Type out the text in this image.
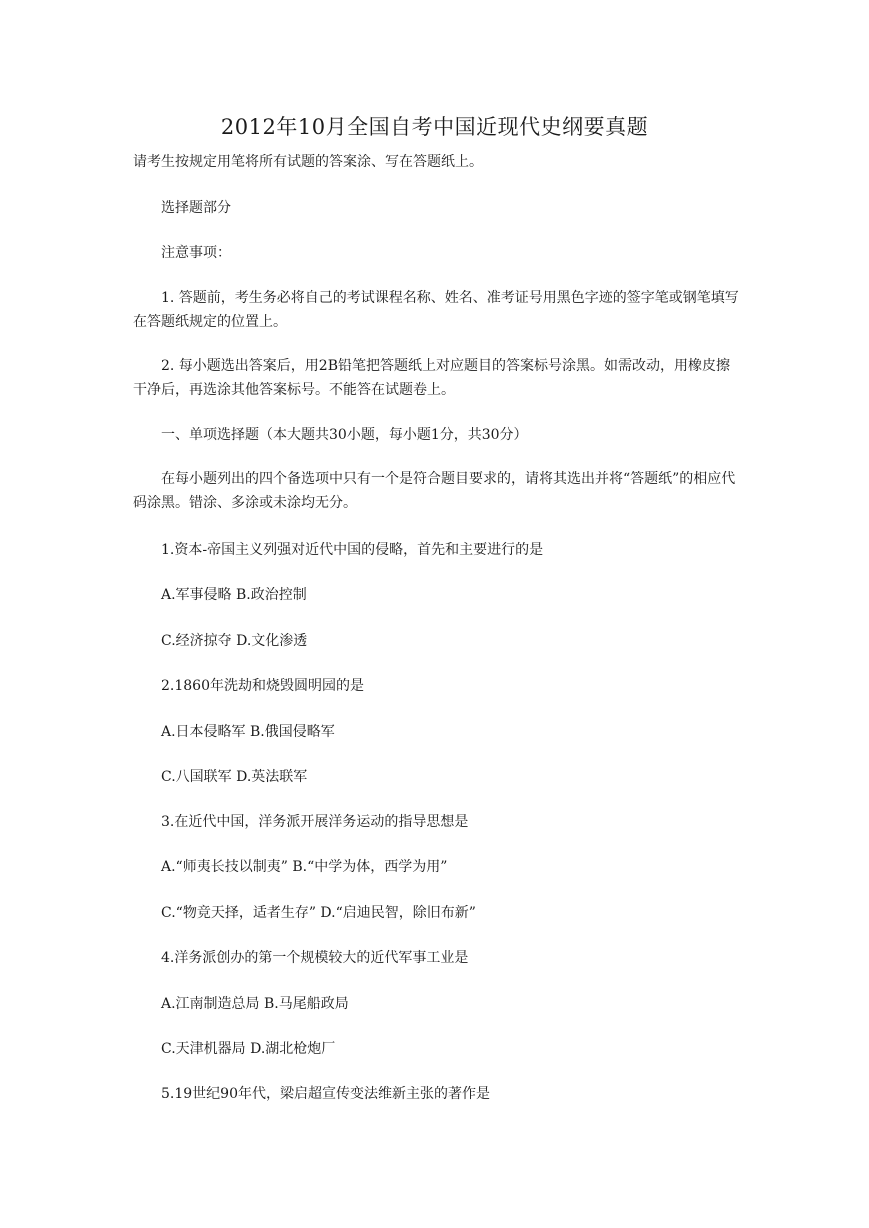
2012年10月全国自考中国近现代史纲要真题

请考生按规定用笔将所有试题的答案涂、写在答题纸上。

选择题部分

注意事项：

1. 答题前，考生务必将自己的考试课程名称、姓名、准考证号用黑色字迹的签字笔或钢笔填写在答题纸规定的位置上。

2. 每小题选出答案后，用2B铅笔把答题纸上对应题目的答案标号涂黑。如需改动，用橡皮擦干净后，再选涂其他答案标号。不能答在试题卷上。

一、单项选择题（本大题共30小题，每小题1分，共30分）

在每小题列出的四个备选项中只有一个是符合题目要求的，请将其选出并将“答题纸”的相应代码涂黑。错涂、多涂或未涂均无分。

1.资本-帝国主义列强对近代中国的侵略，首先和主要进行的是

A.军事侵略 B.政治控制

C.经济掠夺 D.文化渗透

2.1860年洗劫和烧毁圆明园的是

A.日本侵略军 B.俄国侵略军

C.八国联军 D.英法联军

3.在近代中国，洋务派开展洋务运动的指导思想是

A.“师夷长技以制夷” B.“中学为体，西学为用”

C.“物竞天择，适者生存” D.“启迪民智，除旧布新”

4.洋务派创办的第一个规模较大的近代军事工业是

A.江南制造总局 B.马尾船政局

C.天津机器局 D.湖北枪炮厂

5.19世纪90年代，梁启超宣传变法维新主张的著作是
